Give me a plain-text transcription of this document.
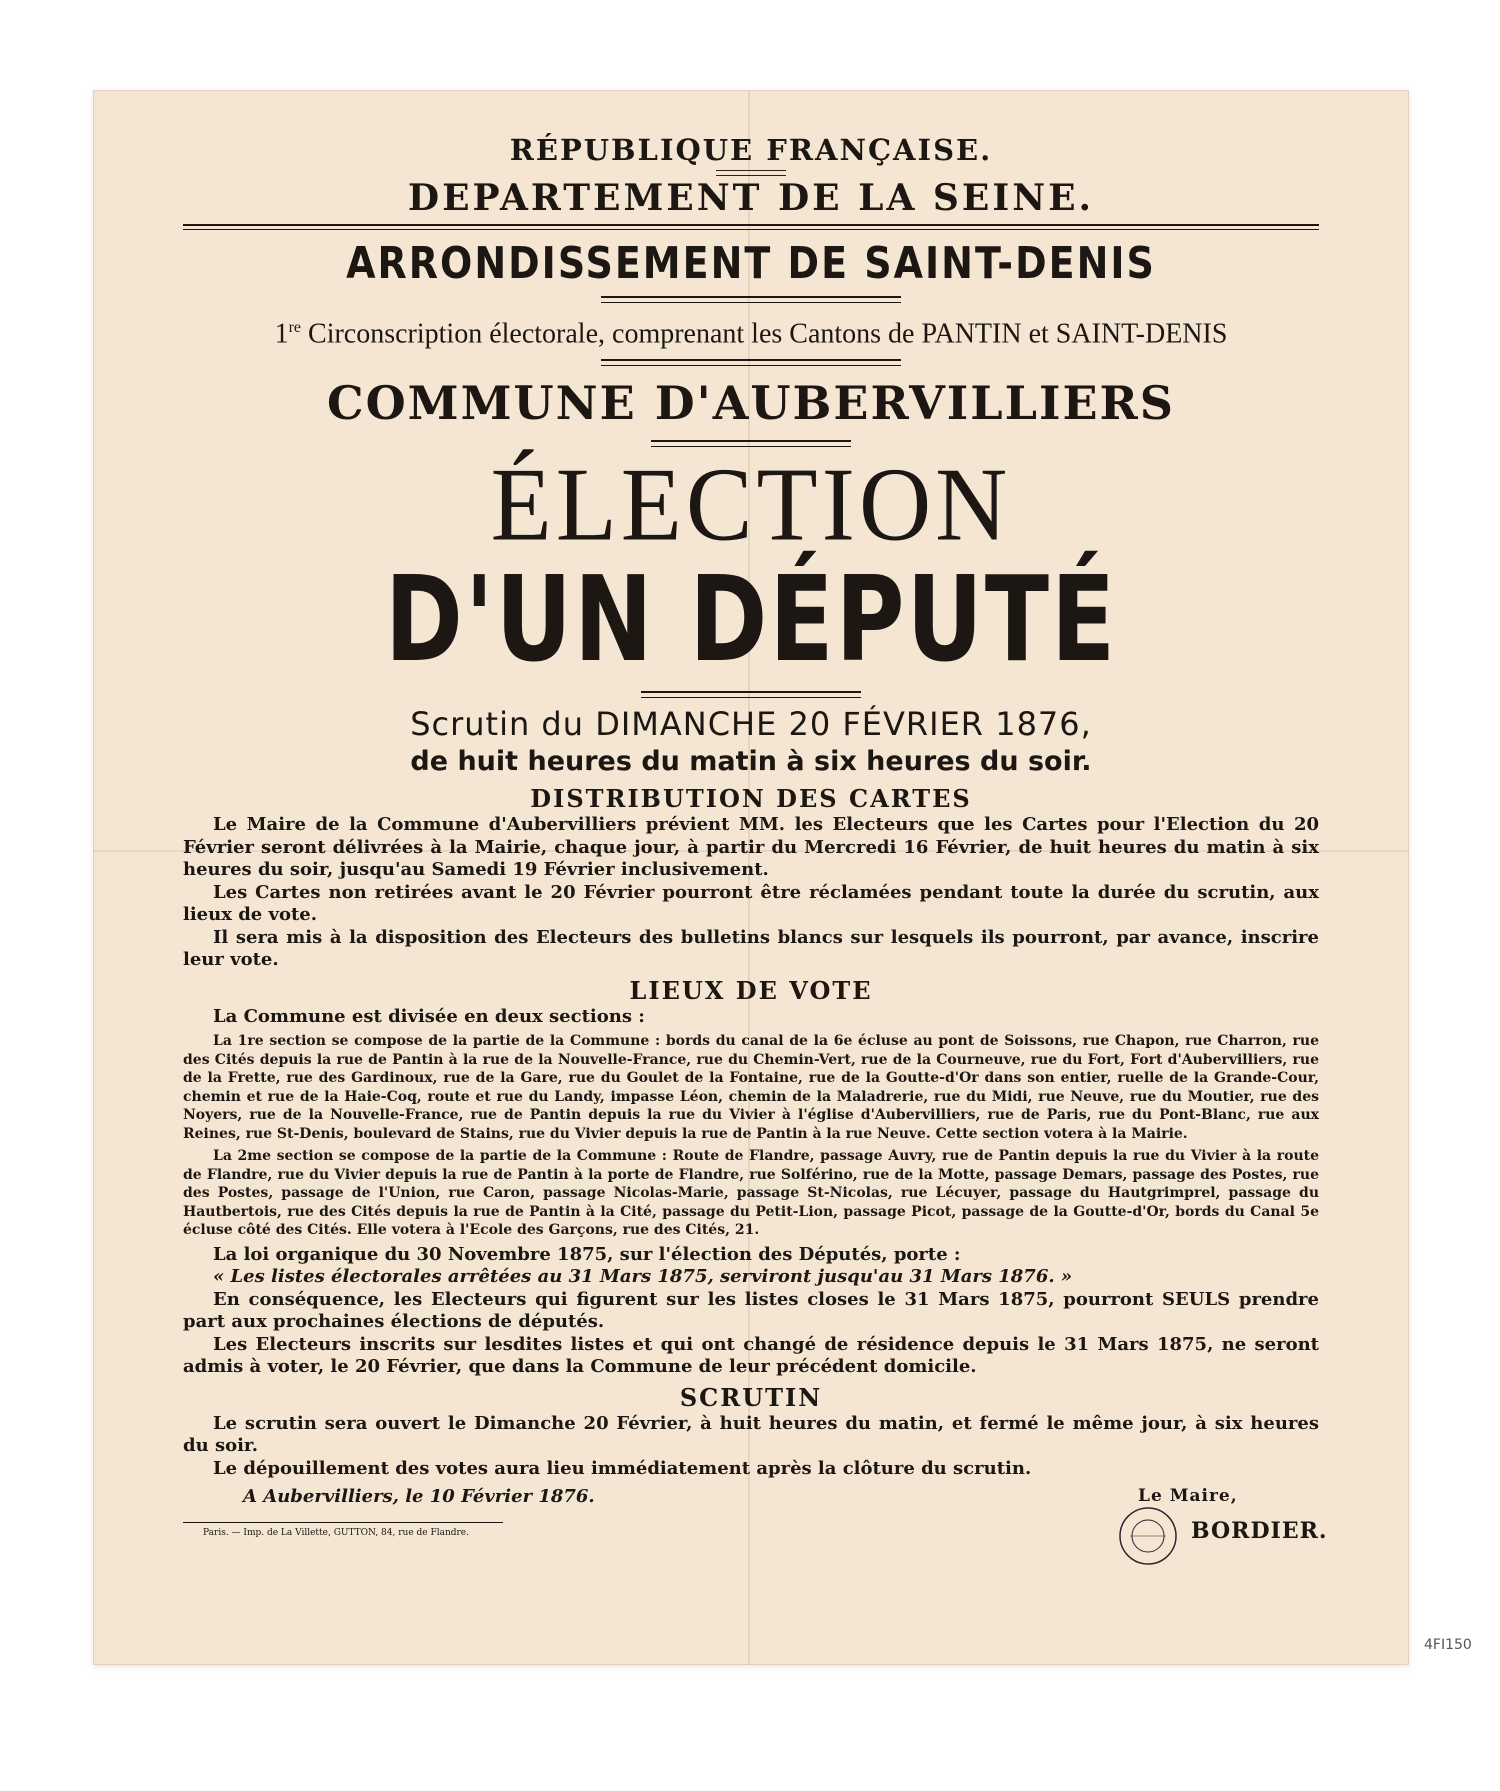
RÉPUBLIQUE FRANÇAISE.
DEPARTEMENT DE LA SEINE.
ARRONDISSEMENT DE SAINT-DENIS
1re Circonscription électorale, comprenant les Cantons de PANTIN et SAINT-DENIS
COMMUNE D'AUBERVILLIERS
ÉLECTION
D'UN DÉPUTÉ
Scrutin du DIMANCHE 20 FÉVRIER 1876,
de huit heures du matin à six heures du soir.
DISTRIBUTION DES CARTES

Le Maire de la Commune d'Aubervilliers prévient MM. les Electeurs que les Cartes pour l'Election du 20 Février seront délivrées à la Mairie, chaque jour, à partir du Mercredi 16 Février, de huit heures du matin à six heures du soir, jusqu'au Samedi 19 Février inclusivement.

Les Cartes non retirées avant le 20 Février pourront être réclamées pendant toute la durée du scrutin, aux lieux de vote.

Il sera mis à la disposition des Electeurs des bulletins blancs sur lesquels ils pourront, par avance, inscrire leur vote.

LIEUX DE VOTE

La Commune est divisée en deux sections :

La 1re section se compose de la partie de la Commune : bords du canal de la 6e écluse au pont de Soissons, rue Chapon, rue Charron, rue des Cités depuis la rue de Pantin à la rue de la Nouvelle-France, rue du Chemin-Vert, rue de la Courneuve, rue du Fort, Fort d'Aubervilliers, rue de la Frette, rue des Gardinoux, rue de la Gare, rue du Goulet de la Fontaine, rue de la Goutte-d'Or dans son entier, ruelle de la Grande-Cour, chemin et rue de la Haie-Coq, route et rue du Landy, impasse Léon, chemin de la Maladrerie, rue du Midi, rue Neuve, rue du Moutier, rue des Noyers, rue de la Nouvelle-France, rue de Pantin depuis la rue du Vivier à l'église d'Aubervilliers, rue de Paris, rue du Pont-Blanc, rue aux Reines, rue St-Denis, boulevard de Stains, rue du Vivier depuis la rue de Pantin à la rue Neuve. Cette section votera à la Mairie.

La 2me section se compose de la partie de la Commune : Route de Flandre, passage Auvry, rue de Pantin depuis la rue du Vivier à la route de Flandre, rue du Vivier depuis la rue de Pantin à la porte de Flandre, rue Solférino, rue de la Motte, passage Demars, passage des Postes, rue des Postes, passage de l'Union, rue Caron, passage Nicolas-Marie, passage St-Nicolas, rue Lécuyer, passage du Hautgrimprel, passage du Hautbertois, rue des Cités depuis la rue de Pantin à la Cité, passage du Petit-Lion, passage Picot, passage de la Goutte-d'Or, bords du Canal 5e écluse côté des Cités. Elle votera à l'Ecole des Garçons, rue des Cités, 21.

La loi organique du 30 Novembre 1875, sur l'élection des Députés, porte :

« Les listes électorales arrêtées au 31 Mars 1875, serviront jusqu'au 31 Mars 1876. »

En conséquence, les Electeurs qui figurent sur les listes closes le 31 Mars 1875, pourront SEULS prendre part aux prochaines élections de députés.

Les Electeurs inscrits sur lesdites listes et qui ont changé de résidence depuis le 31 Mars 1875, ne seront admis à voter, le 20 Février, que dans la Commune de leur précédent domicile.

SCRUTIN

Le scrutin sera ouvert le Dimanche 20 Février, à huit heures du matin, et fermé le même jour, à six heures du soir.

Le dépouillement des votes aura lieu immédiatement après la clôture du scrutin.

A Aubervilliers, le 10 Février 1876.
Paris. — Imp. de La Villette, GUTTON, 84, rue de Flandre.
Le Maire,
BORDIER.
4FI150
